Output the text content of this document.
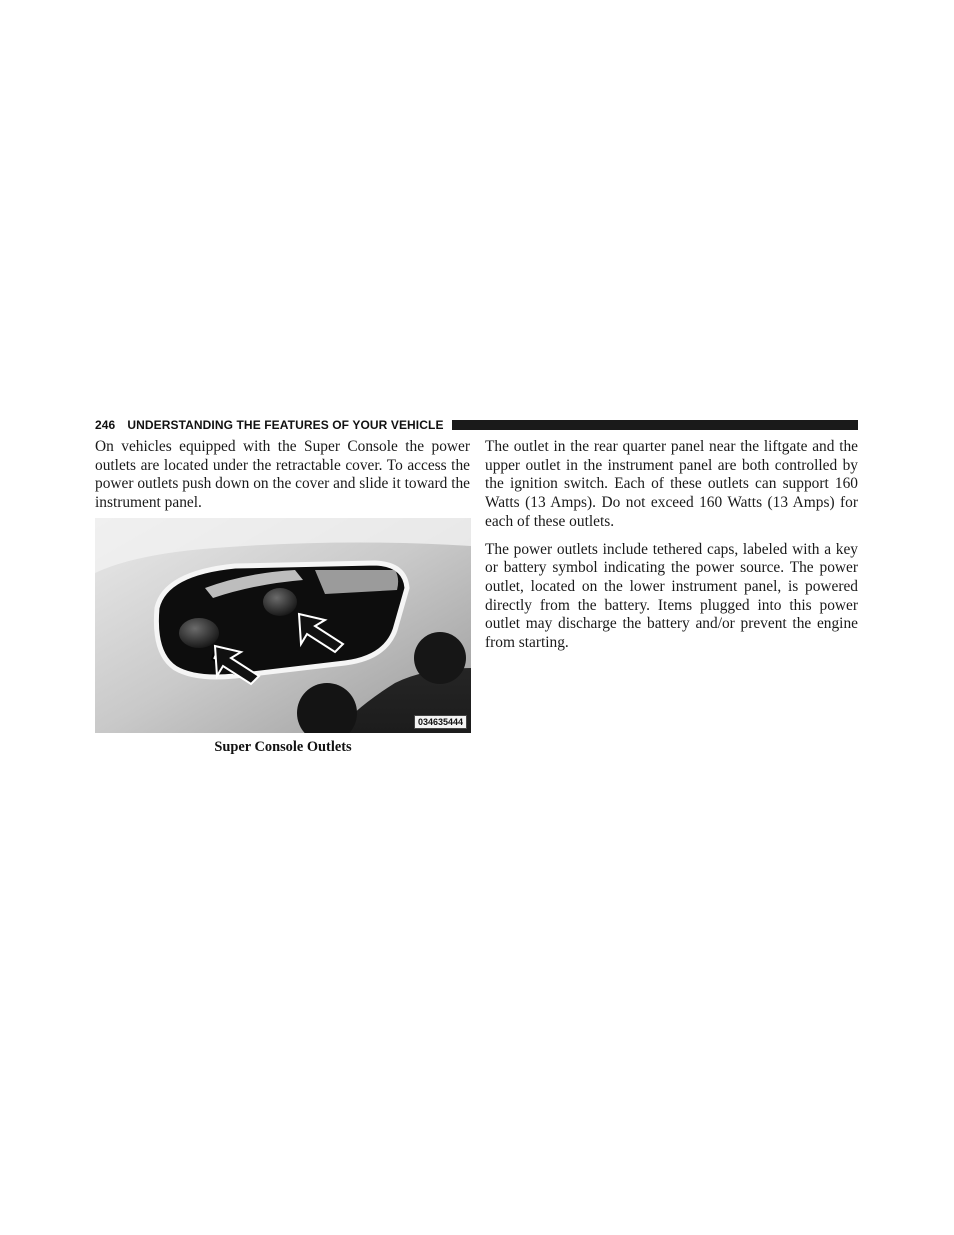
246 UNDERSTANDING THE FEATURES OF YOUR VEHICLE

On vehicles equipped with the Super Console the power outlets are located under the retractable cover. To access the power outlets push down on the cover and slide it toward the instrument panel.

034635444
Super Console Outlets

The outlet in the rear quarter panel near the liftgate and the upper outlet in the instrument panel are both controlled by the ignition switch. Each of these outlets can support 160 Watts (13 Amps). Do not exceed 160 Watts (13 Amps) for each of these outlets.

The power outlets include tethered caps, labeled with a key or battery symbol indicating the power source. The power outlet, located on the lower instrument panel, is powered directly from the battery. Items plugged into this power outlet may discharge the battery and/or prevent the engine from starting.
